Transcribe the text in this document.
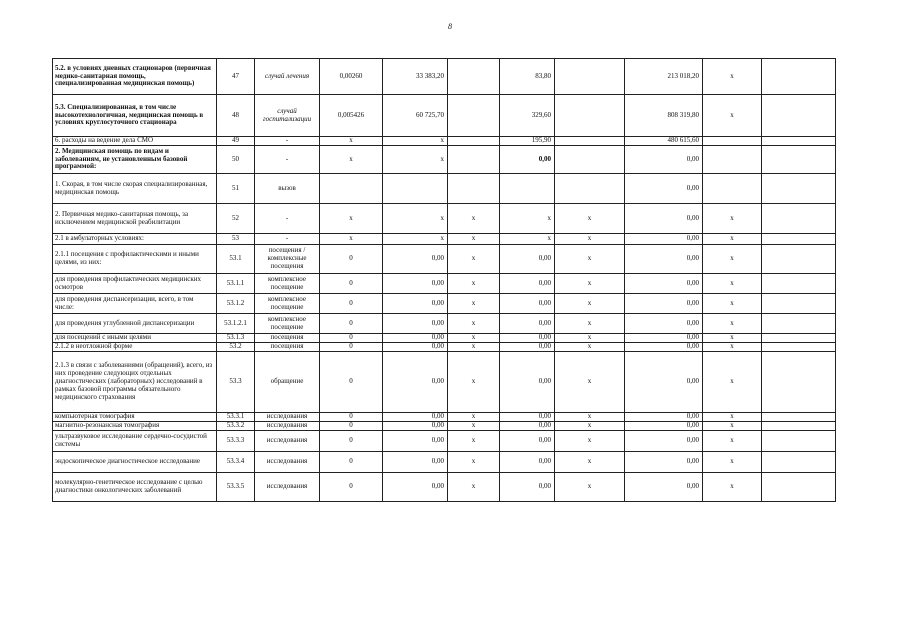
8
5.2. в условиях дневных стационаров (первичная медико-санитарная помощь, специализированная медицинская помощь)	47	случай лечения	0,00260	33 383,20		83,80		213 018,20	х	
5.3. Специализированная, в том числе высокотехнологичная, медицинская помощь в условиях круглосуточного стационара	48	случай госпитализации	0,005426	60 725,70		329,60		808 319,80	х	
6. расходы на ведение дела СМО	49	-	х	х		195,90		480 615,60		
2. Медицинская помощь по видам и заболеваниям, не установленным базовой программой:	50	-	х	х		0,00		0,00		
1. Скорая, в том числе скорая специализированная, медицинская помощь	51	вызов						0,00		
2. Первичная медико-санитарная помощь, за исключением медицинской реабилитации	52	-	х	х	х	х	х	0,00	х	
2.1 в амбулаторных условиях:	53	-	х	х	х	х	х	0,00	х	
2.1.1 посещения с профилактическими и иными целями, из них:	53.1	посещения / комплексные посещения	0	0,00	х	0,00	х	0,00	х	
для проведения профилактических медицинских осмотров	53.1.1	комплексное посещение	0	0,00	х	0,00	х	0,00	х	
для проведения диспансеризации, всего, в том числе:	53.1.2	комплексное посещение	0	0,00	х	0,00	х	0,00	х	
для проведения углубленной диспансеризации	53.1.2.1	комплексное посещение	0	0,00	х	0,00	х	0,00	х	
для посещений с иными целями	53.1.3	посещения	0	0,00	х	0,00	х	0,00	х	
2.1.2 в неотложной форме	53.2	посещения	0	0,00	х	0,00	х	0,00	х	
2.1.3 в связи с заболеваниями (обращений), всего, из них проведение следующих отдельных диагностических (лабораторных) исследований в рамках базовой программы обязательного медицинского страхования	53.3	обращение	0	0,00	х	0,00	х	0,00	х	
компьютерная томография	53.3.1	исследования	0	0,00	х	0,00	х	0,00	х	
магнитно-резонансная томография	53.3.2	исследования	0	0,00	х	0,00	х	0,00	х	
ультразвуковое исследование сердечно-сосудистой системы	53.3.3	исследования	0	0,00	х	0,00	х	0,00	х	
эндоскопическое диагностическое исследование	53.3.4	исследования	0	0,00	х	0,00	х	0,00	х	
молекулярно-генетическое исследование с целью диагностики онкологических заболеваний	53.3.5	исследования	0	0,00	х	0,00	х	0,00	х	
